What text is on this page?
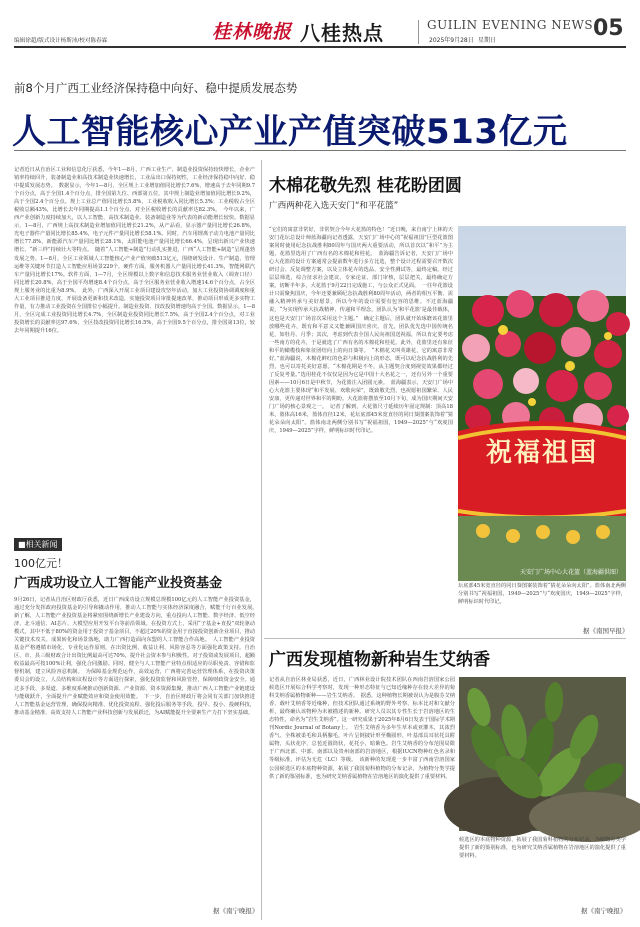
编辑徐超/版式设计杨斯沛/校对陈春霖	桂林晚报 八桂热点	GUILIN EVENING NEWS
2025年9月28日 星期日	05
前8个月广西工业经济保持稳中向好、稳中提质发展态势
人工智能核心产业产值突破513亿元
记者近日从自治区工业和信息化厅获悉，今年1—8月，广西工业生产、制造业投资保持较快增长，企业产销率持续回升，装备制造业和高技术制造业快速增长，工业品出口保持韧性，工业经济保持稳中向好、稳中提质发展态势。　数据显示，今年1—8月，全区规上工业增加值同比增长7.6%，增速高于去年同期9.7个百分点，高于全国1.4个百分点，排全国第九位、西部第五位，其中规上制造业增加值同比增长9.2%，高于全国2.4个百分点。规上工业总产值同比增长5.8%，工业税收收入同比增长5.3%；工业税收占全区税收总额43%，比增长去年同期提高1.1个百分点，对全区税收增长的贡献率达82.3%。　今年以来，广西产业创新力度持续加大，以人工智能、高技术制造业、装备制造业等为代表的新动能增长较快。数据显示，1—8月，广西规上高技术制造业增加值同比增长21.2%，从产品看，显示器产量同比增长26.8%，光电子器件产量同比增长85.4%，电子元件产量同比增长58.1%。同时，汽车用锂离子动力电池产量同比增长77.8%，新能源汽车产量同比增长28.1%，太阳能电池产量同比增长66.4%，呈现出新兴产业快速增长、“新三样”持续壮大等特点。　随着“人工智能+制造”行动扎实推进，广西“人工智能+制造”呈现蓬勃发展之势。1—8月，全区工业领域人工智能核心产业产值突破513亿元，围绕研发设计、生产制造、管理运维等关键环节打造人工智能应用场景229个，硬件方面，服务机器人产量同比增长41.3%，智能网联汽车产量同比增长17%。软件方面，1—7月，全区规模以上数字和信息技术服务业营业收入（调查口径）同比增长20.8%，高于全国平均增速8.4个百分点，高于全区服务业营业收入增速14.6个百分点，占全区规上服务业的比重为8.9%。　此外，广西深入开展工业项目建设攻坚年活动，加大工业投资协调调度和重大工业项目推进力度，开展设备更新和技术改造，实施投资项目审批提速改革，推动项目形成更多实物工作量，有力推动工业投资在全国排位小幅提升。制造业投资、技改投资增速均高于全国。数据显示，1—8月，全区完成工业投资同比增长4.7%，全区制造业投资同比增长7.5%，高于全国2.4个百分点，对工业投资增长的贡献率达97.6%，全区技改投资同比增长16.5%，高于全国9.5个百分点，排全国第13位，较去年同期提升16位。
■相关新闻
100亿元！
广西成功设立人工智能产业投资基金
9月26日，记者从自治区财政厅获悉，近日广西成功设立规模总规模100亿元的人工智能产业投资基金，通过充分发挥政府投资基金的引导和撬动作用，推动人工智能与实体经济深度融合，赋能千行百业发展。　新了解，人工智能产业投资基金将紧密围绕新增长产业建设方向，重点投向人工智能、数字经济、低空经济、北斗通信、AI芯片、大模型应用开发平台等前沿领域。在投资方式上，采用“子基金+直投”双轮驱动模式，其中不低于80%的资金用于投资子基金项目，不超过20%的资金用于直接投资创新企业项目，推动关键技术攻关、成果转化和场景落地，助力广西打造面向东盟的人工智能合作高地。　人工智能产业投资基金严格遵循市场化、专业化运作原则，在出资比例、收益让利、风险容忍等方面强化政策支持。自治区、市、县三级财政合计出资比例最高可达70%，提升社会资本参与积极性。对子投资或发展项目，超额收益最高可按100%让利，强化合同激励。同时，健全与人工智能产业特点相适应的尽职免责、容错和监督机制，建立风险容忍机制。　为保障基金规范运作，高效运营，广西将完善运营管理体系，在投资决策委员会的设立，人员结构和议程设计等方面进行探索，强化投资监督和风险管控，保障财政资金安全。通过多手段、多渠道、多维度系统推动创新资源、产业资源、资本资源集聚，推动广西人工智能产业链建设与能级跃升，全面提升产业赋能效应和资金使用效能。　下一步，自治区财政厅将会同有关部门加快推进人工智能基金运营管理，确保投向精准、优化投资流程、强化投后服务等手段，投早、投小、投硬科技，推动基金精准、高效支持人工智能产业科技创新与发展跃迁，为AI赋能提升全要素生产力打下坚实基础。
据《南宁晚报》
木棉花敬先烈 桂花盼团圆
广西两种花入选天安门“和平花篮”
“它们的寓意非常好，非常契合今年大花篮的特色！”近日晚，来自南宁上林的天安门花坛总设计师蓝海疆向记者透露，天安门广场中心的“祝福祖国”巨型花篮图案同时使用纪念抗战胜利80周年与国庆两大重要活动，所以首次以“和平”为主题，花篮里选用了广西有名的木棉花和桂花。　蓝海疆告诉记者，天安门广场中心大花篮的设计方案通常会提前数年进行多方比选，整个设计过程需要召开数次研讨会、反复调整方案，以及立体花卉的选品、安全性测试等，最终定稿。经过层层筛选，综合征求社会建议、专家论证、部门审核，层层把关，最终确定方案。切断半年多，大花篮于9月22日完成施工，与公众正式见面。　一往年花篮设计只需聚焦国庆，今年还要兼顾纪念抗战胜利80周年活动，两者的相互平衡、需融入精神传承与美好愿景。所以今年的设计需要有包容的思维。不过蓝海疆说，“为实现传承大抗战精神、传递和平理念，团队认为‘和平花篮’是最佳载体，这也是天安门广场首次采用这个主题。”　确定主题后，团队就开始琢磨该花篮里放哪些花卉，既有和平意义又能兼顾国庆喜庆。首先，团队优先选中国传统名花，如牡丹、月季；其次，考虑到代表全国人民向祖国送祝福，所以肯定要考虑一些南方的花卉，于是就选了广西有名的木棉花和桂花。此外，花篮里还有象征和平的橄榄枝和象征团结向上的向日葵等。　“木棉花又叫英雄花，它的寓意非常好。”蓝海疆说，木棉花鲜红的色彩与积极向上的形态，既可以纪念抗战胜利的先烈，也可以寄托美好意愿。“木棉花期是不冬，从主题契合度到视觉效果都经过了反复考量。”选用桂花不仅仅是因为它是中国十大名花之一，还有另外一个重要因素——10月6日是中秋节，为花篮注入团圆元素。　蓝海疆表示，天安门广场中心大花篮主要体现“和平发展、欢歌向荣”，既致敬先烈，也祝愿祖国繁荣、人民安康，更传递对世界和平的期盼。大花篮将摆放至10月下旬，成为国庆期间天安门广场的核心景观之一。　记者了解到，大花篮尺寸延续历年固定规制：顶高18米，篮体高16米，篮体直径12米，花坛底部45米宽直径的同日葵图案装饰着“猜花朵朵向太阳”。篮体南北两侧分别书写“祝福祖国，1949—2025”与“欢度国庆，1949—2025”字样，鲜明标识时代印记。
祝福祖国
天安门广场中心大花篮（蓝海疆供图）
坛底部45米宽直径的同日葵图案装饰着“猜花朵朵向太阳”。篮体南北两侧分别书写“祝福祖国，1949—2025”与“欢度国庆，1949—2025”字样，鲜明标识时代印记。
据《南国早报》
广西发现植物新种岩生艾纳香
记者从自治区林业局获悉，近日，广西林业设计院技术团队在西南岩溶国家公园候选区开展综合科学考察时，发现一种形态特征与已知近缘种存在较大差异的菊科艾纳香属植物新种——岩生艾纳香。　据悉，这种植物长期被误认为是腹芬艾纳香、载叶艾纳香等近缘种，但技术团队通过系统的野外考察、标本比对和文献分析，最终确认该物种为未被描述的新种。研究人员以其专性生长于岩溶地区的生态特性，命名为“岩生艾纳香”。这一研究成果于2025年8月6日发表于国际学术期刊Nordic Journal of Botany上。　岩生艾纳香为多年生草本或亚灌木，其浓烈香气、全株被柔毛和具柄腺毛，叶片呈倒披针形至椭圆形，叶基部具耳状托具附属物，头状花序，总苞近圆筒状，花托小，暗紫色。岩生艾纳香的分布范围局限于广西北部、中部、南部以及贵州南部的岩溶地区，根据IUCN物种红色名录和等级标准，评估为无危（LC）等级。　该新种的发现进一步丰富了西南岩溶国家公园候选区的本底物种资源，拓展了我国菊科植物的分布记录，为植物分类学提供了新的鉴别标准，也为研究艾纳香属植物在岩溶地区的演化提供了重要材料。
候选区的本底物种资源，拓展了我国菊科植物的分布记录，为植物分类学提供了新的鉴别标准，也为研究艾纳香属植物在岩溶地区的演化提供了重要材料。
据《南宁晚报》
